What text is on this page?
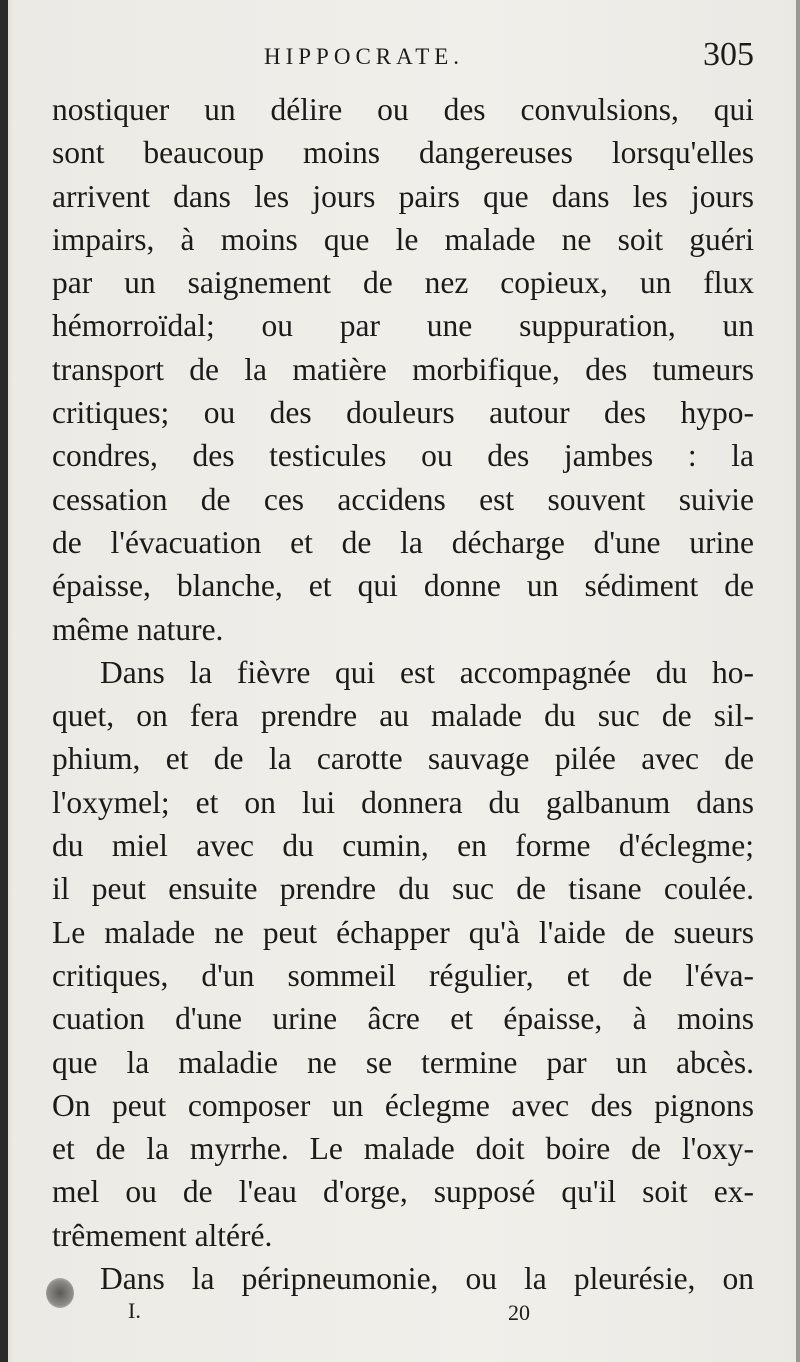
HIPPOCRATE.	305
nostiquer un délire ou des convulsions, qui
sont beaucoup moins dangereuses lorsqu'elles
arrivent dans les jours pairs que dans les jours
impairs, à moins que le malade ne soit guéri
par un saignement de nez copieux, un flux
hémorroïdal; ou par une suppuration, un
transport de la matière morbifique, des tumeurs
critiques; ou des douleurs autour des hypo-
condres, des testicules ou des jambes : la
cessation de ces accidens est souvent suivie
de l'évacuation et de la décharge d'une urine
épaisse, blanche, et qui donne un sédiment de
même nature.
Dans la fièvre qui est accompagnée du ho-
quet, on fera prendre au malade du suc de sil-
phium, et de la carotte sauvage pilée avec de
l'oxymel; et on lui donnera du galbanum dans
du miel avec du cumin, en forme d'éclegme;
il peut ensuite prendre du suc de tisane coulée.
Le malade ne peut échapper qu'à l'aide de sueurs
critiques, d'un sommeil régulier, et de l'éva-
cuation d'une urine âcre et épaisse, à moins
que la maladie ne se termine par un abcès.
On peut composer un éclegme avec des pignons
et de la myrrhe. Le malade doit boire de l'oxy-
mel ou de l'eau d'orge, supposé qu'il soit ex-
trêmement altéré.
Dans la péripneumonie, ou la pleurésie, on
I.	20
